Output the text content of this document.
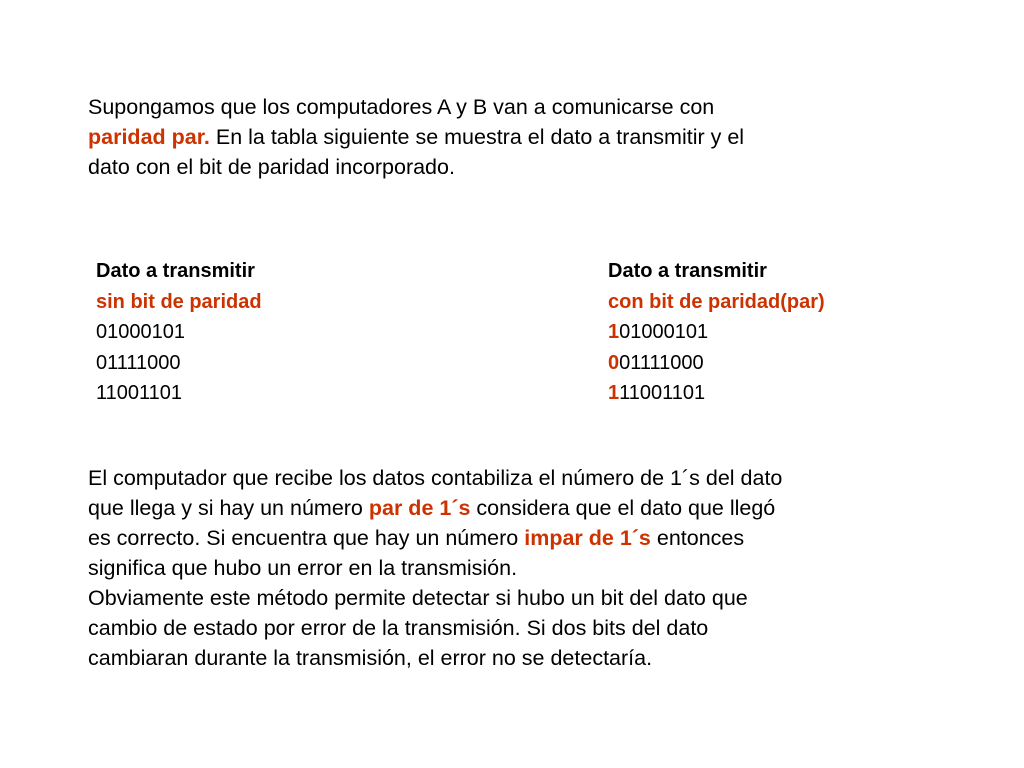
Supongamos que los computadores A y B van a comunicarse con
paridad par. En la tabla siguiente se muestra el dato a transmitir y el
dato con el bit de paridad incorporado.
Dato a transmitir
sin bit de paridad
01000101
01111000
11001101
Dato a transmitir
con bit de paridad(par)
101000101
001111000
111001101
El computador que recibe los datos contabiliza el número de 1´s del dato
que llega y si hay un número par de 1´s considera que el dato que llegó
es correcto. Si encuentra que hay un número impar de 1´s entonces
significa que hubo un error en la transmisión.
Obviamente este método permite detectar si hubo un bit del dato que
cambio de estado por error de la transmisión. Si dos bits del dato
cambiaran durante la transmisión, el error no se detectaría.
